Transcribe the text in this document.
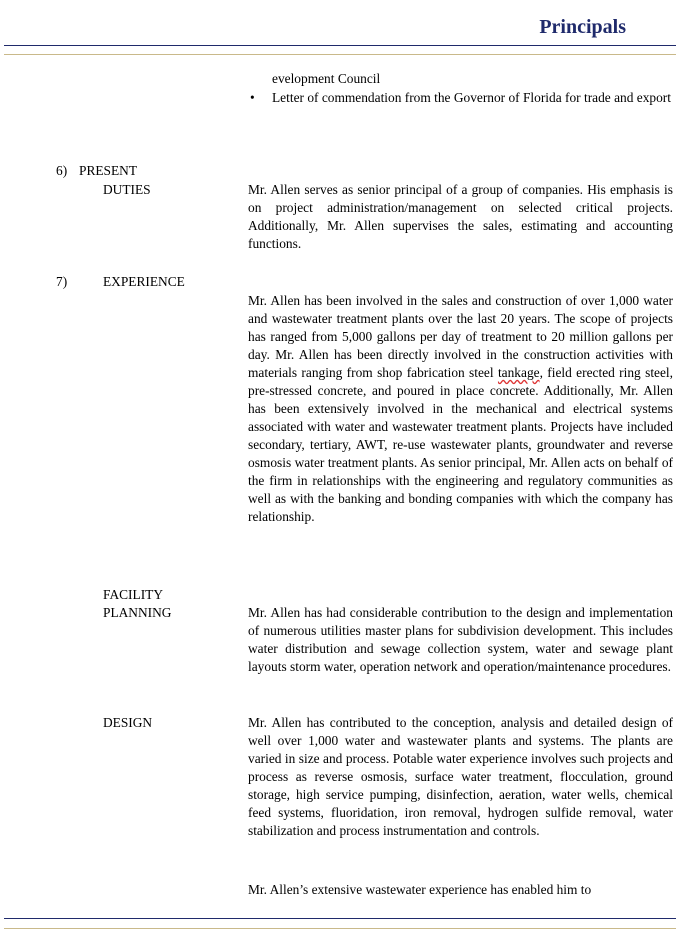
Principals
evelopment Council
• Letter of commendation from the Governor of Florida for trade and export
6) PRESENT
DUTIES	Mr. Allen serves as senior principal of a group of companies. His emphasis is on project administration/management on selected critical projects. Additionally, Mr. Allen supervises the sales, estimating and accounting functions.

7)	EXPERIENCE

Mr. Allen has been involved in the sales and construction of over 1,000 water and wastewater treatment plants over the last 20 years. The scope of projects has ranged from 5,000 gallons per day of treatment to 20 million gallons per day. Mr. Allen has been directly involved in the construction activities with materials ranging from shop fabrication steel tankage, field erected ring steel, pre-stressed concrete, and poured in place concrete. Additionally, Mr. Allen has been extensively involved in the mechanical and electrical systems associated with water and wastewater treatment plants. Projects have included secondary, tertiary, AWT, re-use wastewater plants, groundwater and reverse osmosis water treatment plants. As senior principal, Mr. Allen acts on behalf of the firm in relationships with the engineering and regulatory communities as well as with the banking and bonding companies with which the company has relationship.

FACILITY
PLANNING	Mr. Allen has had considerable contribution to the design and implementation of numerous utilities master plans for subdivision development. This includes water distribution and sewage collection system, water and sewage plant layouts storm water, operation network and operation/maintenance procedures.

DESIGN	Mr. Allen has contributed to the conception, analysis and detailed design of well over 1,000 water and wastewater plants and systems. The plants are varied in size and process. Potable water experience involves such projects and process as reverse osmosis, surface water treatment, flocculation, ground storage, high service pumping, disinfection, aeration, water wells, chemical feed systems, fluoridation, iron removal, hydrogen sulfide removal, water stabilization and process instrumentation and controls.

Mr. Allen’s extensive wastewater experience has enabled him to
